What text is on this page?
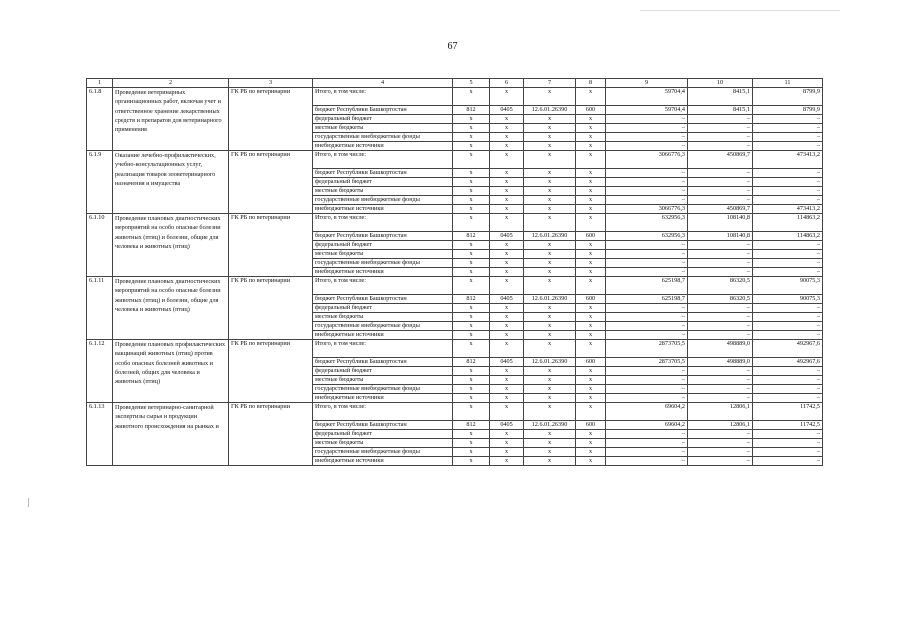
67
1	2	3	4	5	6	7	8	9	10	11
6.1.8	Проведение ветеринарных организационных работ, включая учет и ответственное хранение лекарственных средств и препаратов для ветеринарного применения	ГК РБ по ветеринарии	Итого, в том числе:	x	x	x	x	59704,4	8415,1	8799,9
			бюджет Республики Башкортостан	812	0405	12.6.01.26390	600	59704,4	8415,1	8799,9
			федеральный бюджет	x	x	x	x	–	–	–
			местные бюджеты	x	x	x	x	–	–	–
			государственные внебюджетные фонды	x	x	x	x	–	–	–
			внебюджетные источники	x	x	x	x	–	–	–
6.1.9	Оказание лечебно-профилактических, учебно-консультационных услуг, реализация товаров зооветеринарного назначения и имущества	ГК РБ по ветеринарии	Итого, в том числе:	x	x	x	x	3066776,3	450869,7	473413,2
			бюджет Республики Башкортостан	x	x	x	x	–	–	–
			федеральный бюджет	x	x	x	x	–	–	–
			местные бюджеты	x	x	x	x	–	–	–
			государственные внебюджетные фонды	x	x	x	x	–	–	–
			внебюджетные источники	x	x	x	x	3066776,3	450869,7	473413,2
6.1.10	Проведение плановых диагностических мероприятий на особо опасные болезни животных (птиц) и болезни, общие для человека и животных (птиц)	ГК РБ по ветеринарии	Итого, в том числе:	x	x	x	x	632956,3	108140,8	114863,2
			бюджет Республики Башкортостан	812	0405	12.6.01.26390	600	632956,3	108140,8	114863,2
			федеральный бюджет	x	x	x	x	–	–	–
			местные бюджеты	x	x	x	x	–	–	–
			государственные внебюджетные фонды	x	x	x	x	–	–	–
			внебюджетные источники	x	x	x	x	–	–	–
6.1.11	Проведение плановых диагностических мероприятий на особо опасные болезни животных (птиц) и болезни, общие для человека и животных (птиц)	ГК РБ по ветеринарии	Итого, в том числе:	x	x	x	x	625198,7	86320,5	90075,3
			бюджет Республики Башкортостан	812	0405	12.6.01.26390	600	625198,7	86320,5	90075,3
			федеральный бюджет	x	x	x	x	–	–	–
			местные бюджеты	x	x	x	x	–	–	–
			государственные внебюджетные фонды	x	x	x	x	–	–	–
			внебюджетные источники	x	x	x	x	–	–	–
6.1.12	Проведение плановых профилактических вакцинаций животных (птиц) против особо опасных болезней животных и болезней, общих для человека и животных (птиц)	ГК РБ по ветеринарии	Итого, в том числе:	x	x	x	x	2873705,5	498889,0	492967,6
			бюджет Республики Башкортостан	812	0405	12.6.01.26390	600	2873705,5	498889,0	492967,6
			федеральный бюджет	x	x	x	x	–	–	–
			местные бюджеты	x	x	x	x	–	–	–
			государственные внебюджетные фонды	x	x	x	x	–	–	–
			внебюджетные источники	x	x	x	x	–	–	–
6.1.13	Проведение ветеринарно-санитарной экспертизы сырья и продукции животного происхождения на рынках и	ГК РБ по ветеринарии	Итого, в том числе:	x	x	x	x	69604,2	12806,1	11742,5
			бюджет Республики Башкортостан	812	0405	12.6.01.26390	600	69604,2	12806,1	11742,5
			федеральный бюджет	x	x	x	x	–	–	–
			местные бюджеты	x	x	x	x	–	–	–
			государственные внебюджетные фонды	x	x	x	x	–	–	–
			внебюджетные источники	x	x	x	x	–	–	–
